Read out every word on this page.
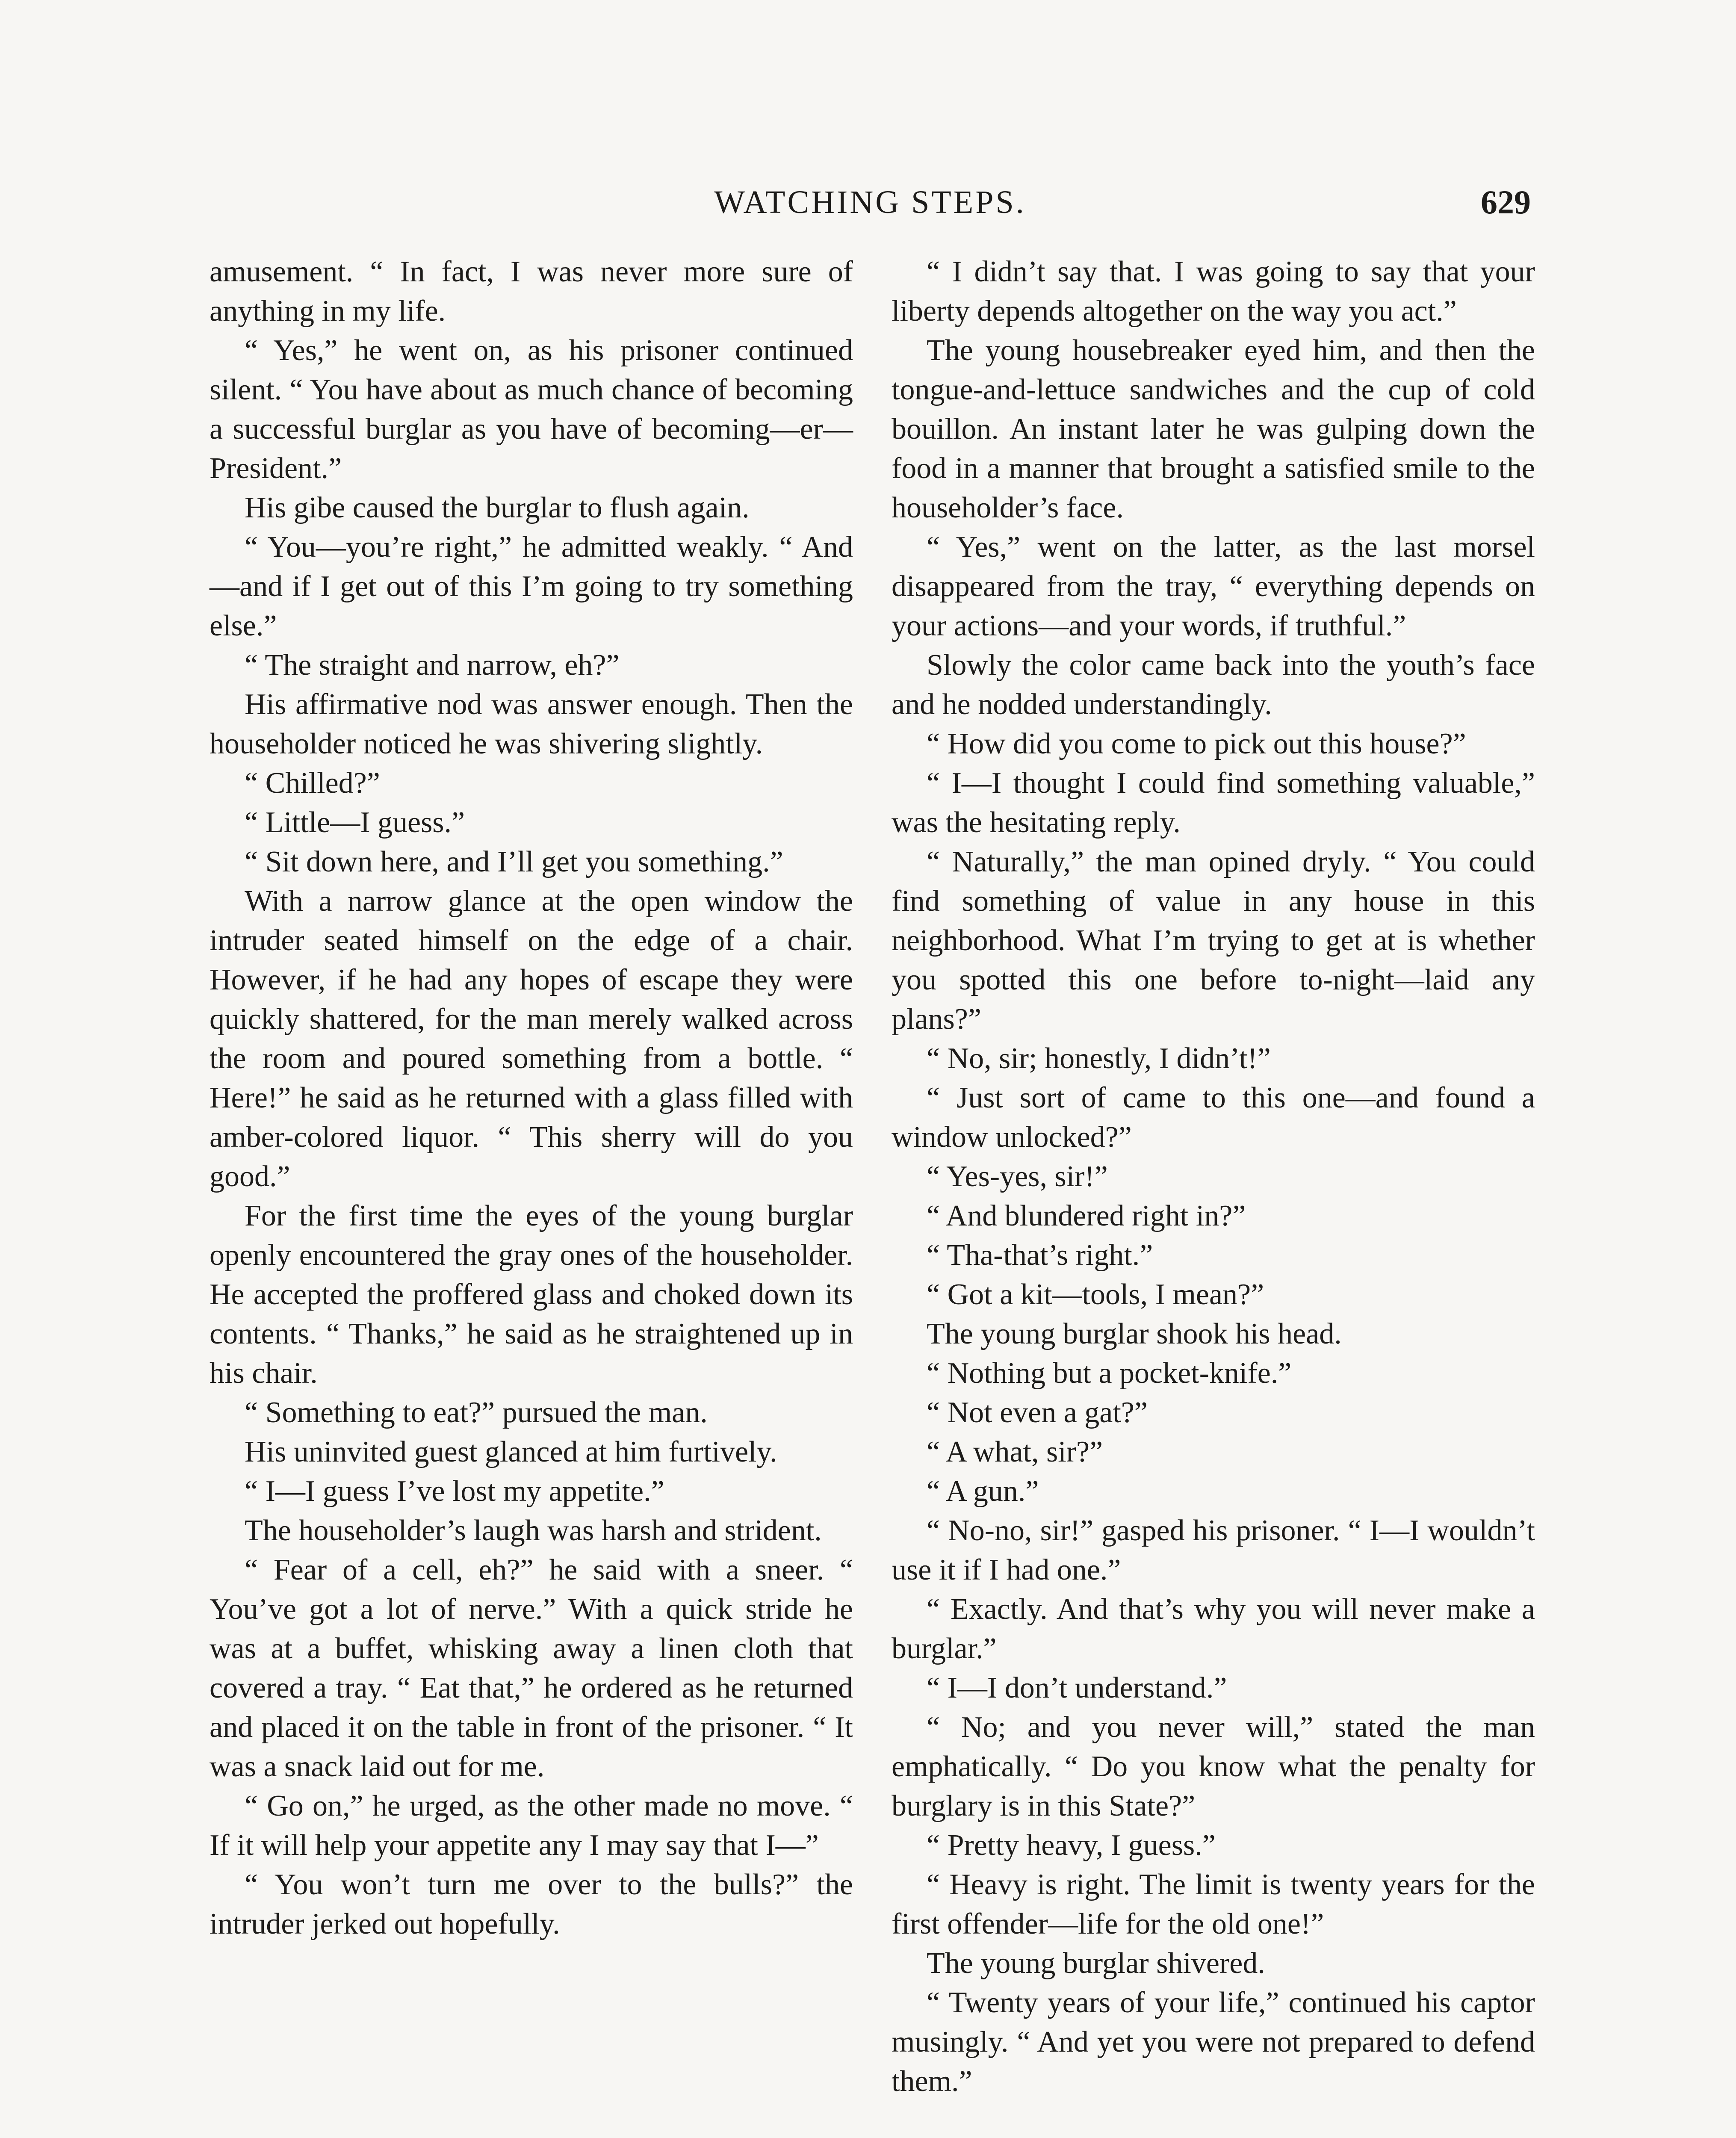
WATCHING STEPS.	629

amusement. “ In fact, I was never more sure of anything in my life.

“ Yes,” he went on, as his prisoner continued silent. “ You have about as much chance of becoming a successful burglar as you have of becoming—er—President.”

His gibe caused the burglar to flush again.

“ You—you’re right,” he admitted weakly. “ And—and if I get out of this I’m going to try something else.”

“ The straight and narrow, eh?”

His affirmative nod was answer enough. Then the householder noticed he was shivering slightly.

“ Chilled?”

“ Little—I guess.”

“ Sit down here, and I’ll get you something.”

With a narrow glance at the open window the intruder seated himself on the edge of a chair. However, if he had any hopes of escape they were quickly shattered, for the man merely walked across the room and poured something from a bottle. “ Here!” he said as he returned with a glass filled with amber-colored liquor. “ This sherry will do you good.”

For the first time the eyes of the young burglar openly encountered the gray ones of the householder. He accepted the proffered glass and choked down its contents. “ Thanks,” he said as he straightened up in his chair.

“ Something to eat?” pursued the man.

His uninvited guest glanced at him furtively.

“ I—I guess I’ve lost my appetite.”

The householder’s laugh was harsh and strident.

“ Fear of a cell, eh?” he said with a sneer. “ You’ve got a lot of nerve.” With a quick stride he was at a buffet, whisking away a linen cloth that covered a tray. “ Eat that,” he ordered as he returned and placed it on the table in front of the prisoner. “ It was a snack laid out for me.

“ Go on,” he urged, as the other made no move. “ If it will help your appetite any I may say that I—”

“ You won’t turn me over to the bulls?” the intruder jerked out hopefully.

“ I didn’t say that. I was going to say that your liberty depends altogether on the way you act.”

The young housebreaker eyed him, and then the tongue-and-lettuce sandwiches and the cup of cold bouillon. An instant later he was gulping down the food in a manner that brought a satisfied smile to the householder’s face.

“ Yes,” went on the latter, as the last morsel disappeared from the tray, “ everything depends on your actions—and your words, if truthful.”

Slowly the color came back into the youth’s face and he nodded understandingly.

“ How did you come to pick out this house?”

“ I—I thought I could find something valuable,” was the hesitating reply.

“ Naturally,” the man opined dryly. “ You could find something of value in any house in this neighborhood. What I’m trying to get at is whether you spotted this one before to-night—laid any plans?”

“ No, sir; honestly, I didn’t!”

“ Just sort of came to this one—and found a window unlocked?”

“ Yes-yes, sir!”

“ And blundered right in?”

“ Tha-that’s right.”

“ Got a kit—tools, I mean?”

The young burglar shook his head.

“ Nothing but a pocket-knife.”

“ Not even a gat?”

“ A what, sir?”

“ A gun.”

“ No-no, sir!” gasped his prisoner. “ I—I wouldn’t use it if I had one.”

“ Exactly. And that’s why you will never make a burglar.”

“ I—I don’t understand.”

“ No; and you never will,” stated the man emphatically. “ Do you know what the penalty for burglary is in this State?”

“ Pretty heavy, I guess.”

“ Heavy is right. The limit is twenty years for the first offender—life for the old one!”

The young burglar shivered.

“ Twenty years of your life,” continued his captor musingly. “ And yet you were not prepared to defend them.”
